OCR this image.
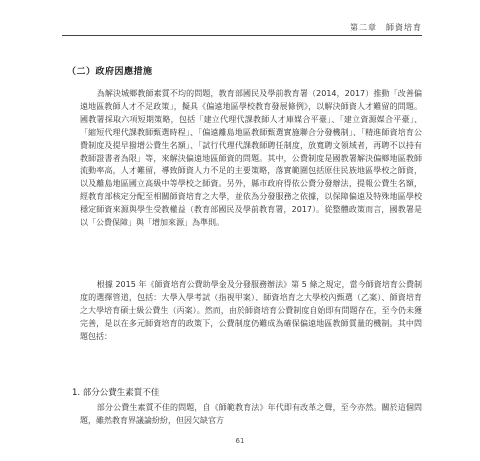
第二章　師資培育
（二）政府因應措施

為解決城鄉教師素質不均的問題，教育部國民及學前教育署（2014，2017）推動「改善偏遠地區教師人才不足政策」，擬具《偏遠地區學校教育發展條例》，以解決師資人才難留的問題。國教署採取六項短期策略，包括「建立代理代課教師人才庫媒合平臺」、「建立資源媒合平臺」、「縮短代理代課教師甄選時程」、「偏遠離島地區教師甄選實施聯合分發機制」、「精進師資培育公費制度及提早撥增公費生名額」、「試行代理代課教師聘任制度，放寬聘文領域者，再聘不以持有教師證書者為限」等，來解決偏遠地區師資的問題。其中，公費制度是國教署解決偏鄉地區教師流動率高，人才難留，導致師資人力不足的主要策略，落實範圍包括原住民族地區學校之師資，以及離島地區國立高級中等學校之師資。另外，縣市政府得依公費分發辦法，提報公費生名額，經教育部核定分配至相關師資培育之大學，並依為分發服務之依據，以保障偏遠及特殊地區學校穩定師資來源與學生受教權益（教育部國民及學前教育署，2017）。從整體政策而言，國教署是以「公費保障」與「增加來源」為準則。

根據 2015 年《師資培育公費助學金及分發服務辦法》第 5 條之規定，當今師資培育公費制度的選擇管道，包括：大學入學考試（指視甲案）、師資培育之大學校內甄選（乙案）、師資培育之大學培育碩士級公費生（丙案）。然而，由於師資培育公費制度自始即有問題存在，至今仍未獲完善，是以在多元師資培育的政策下，公費制度仍難成為確保偏遠地區教師質量的機制。其中問題包括：

1. 部分公費生素質不佳

部分公費生素質不佳的問題，自《師範教育法》年代即有改革之聲，至今亦然。關於這個問題，雖然教育界議論紛紛，但因欠缺官方

61
